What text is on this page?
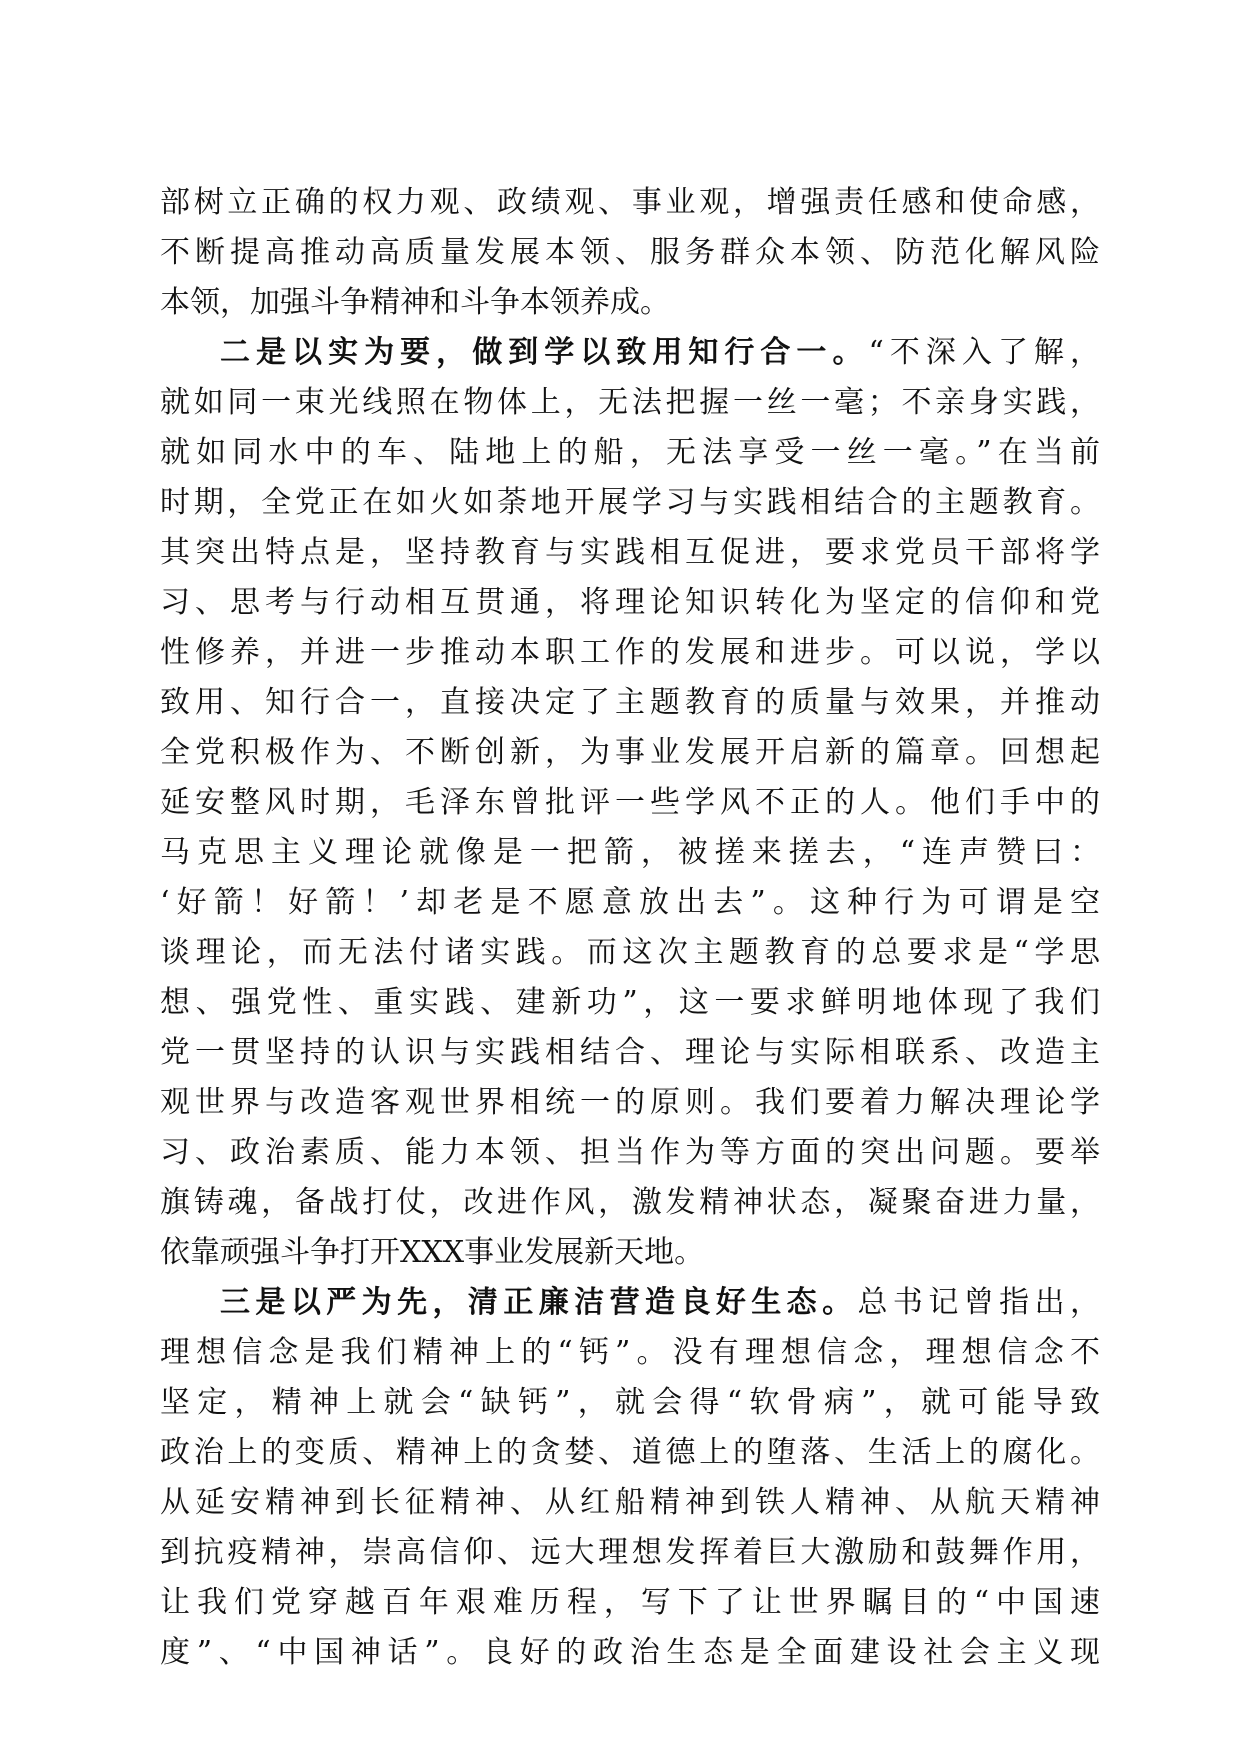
部树立正确的权力观、政绩观、事业观，增强责任感和使命感，
不断提高推动高质量发展本领、服务群众本领、防范化解风险
本领，加强斗争精神和斗争本领养成。
二是以实为要，做到学以致用知行合一。“不深入了解，
就如同一束光线照在物体上，无法把握一丝一毫；不亲身实践，
就如同水中的车、陆地上的船，无法享受一丝一毫。”在当前
时期，全党正在如火如荼地开展学习与实践相结合的主题教育。
其突出特点是，坚持教育与实践相互促进，要求党员干部将学
习、思考与行动相互贯通，将理论知识转化为坚定的信仰和党
性修养，并进一步推动本职工作的发展和进步。可以说，学以
致用、知行合一，直接决定了主题教育的质量与效果，并推动
全党积极作为、不断创新，为事业发展开启新的篇章。回想起
延安整风时期，毛泽东曾批评一些学风不正的人。他们手中的
马克思主义理论就像是一把箭，被搓来搓去，“连声赞曰：
‘好箭！好箭！’却老是不愿意放出去”。这种行为可谓是空
谈理论，而无法付诸实践。而这次主题教育的总要求是“学思
想、强党性、重实践、建新功”，这一要求鲜明地体现了我们
党一贯坚持的认识与实践相结合、理论与实际相联系、改造主
观世界与改造客观世界相统一的原则。我们要着力解决理论学
习、政治素质、能力本领、担当作为等方面的突出问题。要举
旗铸魂，备战打仗，改进作风，激发精神状态，凝聚奋进力量，
依靠顽强斗争打开XXX事业发展新天地。
三是以严为先，清正廉洁营造良好生态。总书记曾指出，
理想信念是我们精神上的“钙”。没有理想信念，理想信念不
坚定，精神上就会“缺钙”，就会得“软骨病”，就可能导致
政治上的变质、精神上的贪婪、道德上的堕落、生活上的腐化。
从延安精神到长征精神、从红船精神到铁人精神、从航天精神
到抗疫精神，崇高信仰、远大理想发挥着巨大激励和鼓舞作用，
让我们党穿越百年艰难历程，写下了让世界瞩目的“中国速
度”、“中国神话”。良好的政治生态是全面建设社会主义现
